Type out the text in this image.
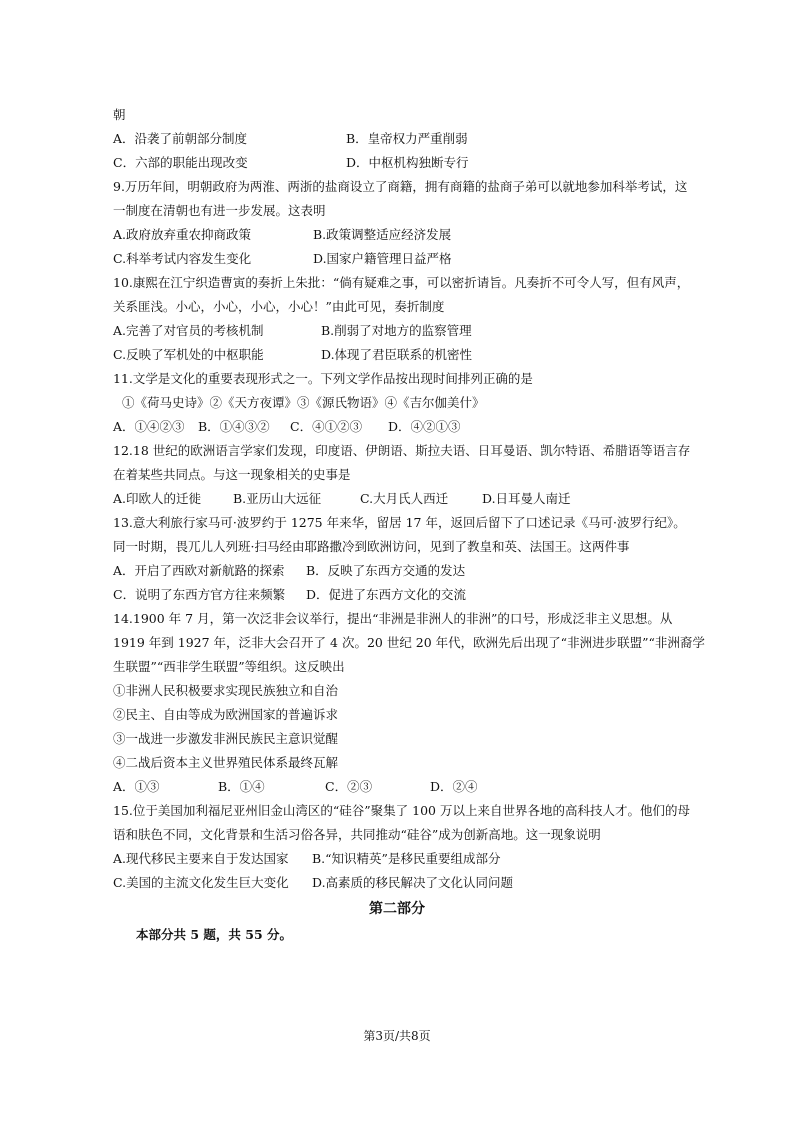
朝
A．沿袭了前朝部分制度	B．皇帝权力严重削弱
C．六部的职能出现改变	D．中枢机构独断专行
9.万历年间，明朝政府为两淮、两浙的盐商设立了商籍，拥有商籍的盐商子弟可以就地参加科举考试，这
一制度在清朝也有进一步发展。这表明
A.政府放弃重农抑商政策	B.政策调整适应经济发展
C.科举考试内容发生变化	D.国家户籍管理日益严格
10.康熙在江宁织造曹寅的奏折上朱批：“倘有疑难之事，可以密折请旨。凡奏折不可令人写，但有风声，
关系匪浅。小心，小心，小心，小心！”由此可见，奏折制度
A.完善了对官员的考核机制	B.削弱了对地方的监察管理
C.反映了军机处的中枢职能	D.体现了君臣联系的机密性
11.文学是文化的重要表现形式之一。下列文学作品按出现时间排列正确的是
①《荷马史诗》②《天方夜谭》③《源氏物语》④《吉尔伽美什》
A．①④②③ B．①④③② C．④①②③ D．④②①③
12.18 世纪的欧洲语言学家们发现，印度语、伊朗语、斯拉夫语、日耳曼语、凯尔特语、希腊语等语言存
在着某些共同点。与这一现象相关的史事是
A.印欧人的迁徙	B.亚历山大远征	C.大月氏人西迁	D.日耳曼人南迁
13.意大利旅行家马可·波罗约于 1275 年来华，留居 17 年，返回后留下了口述记录《马可·波罗行纪》。
同一时期，畏兀儿人列班·扫马经由耶路撒冷到欧洲访问，见到了教皇和英、法国王。这两件事
A．开启了西欧对新航路的探索 B．反映了东西方交通的发达
C．说明了东西方官方往来频繁 D．促进了东西方文化的交流
14.1900 年 7 月，第一次泛非会议举行，提出“非洲是非洲人的非洲”的口号，形成泛非主义思想。从
1919 年到 1927 年，泛非大会召开了 4 次。20 世纪 20 年代，欧洲先后出现了“非洲进步联盟”“非洲裔学
生联盟”“西非学生联盟”等组织。这反映出
①非洲人民积极要求实现民族独立和自治
②民主、自由等成为欧洲国家的普遍诉求
③一战进一步激发非洲民族民主意识觉醒
④二战后资本主义世界殖民体系最终瓦解
A．①③	B．①④	C．②③	D．②④
15.位于美国加利福尼亚州旧金山湾区的“硅谷”聚集了 100 万以上来自世界各地的高科技人才。他们的母
语和肤色不同，文化背景和生活习俗各异，共同推动“硅谷”成为创新高地。这一现象说明
A.现代移民主要来自于发达国家 B.“知识精英”是移民重要组成部分
C.美国的主流文化发生巨大变化 D.高素质的移民解决了文化认同问题
第二部分
本部分共 5 题，共 55 分。
第3页/共8页
